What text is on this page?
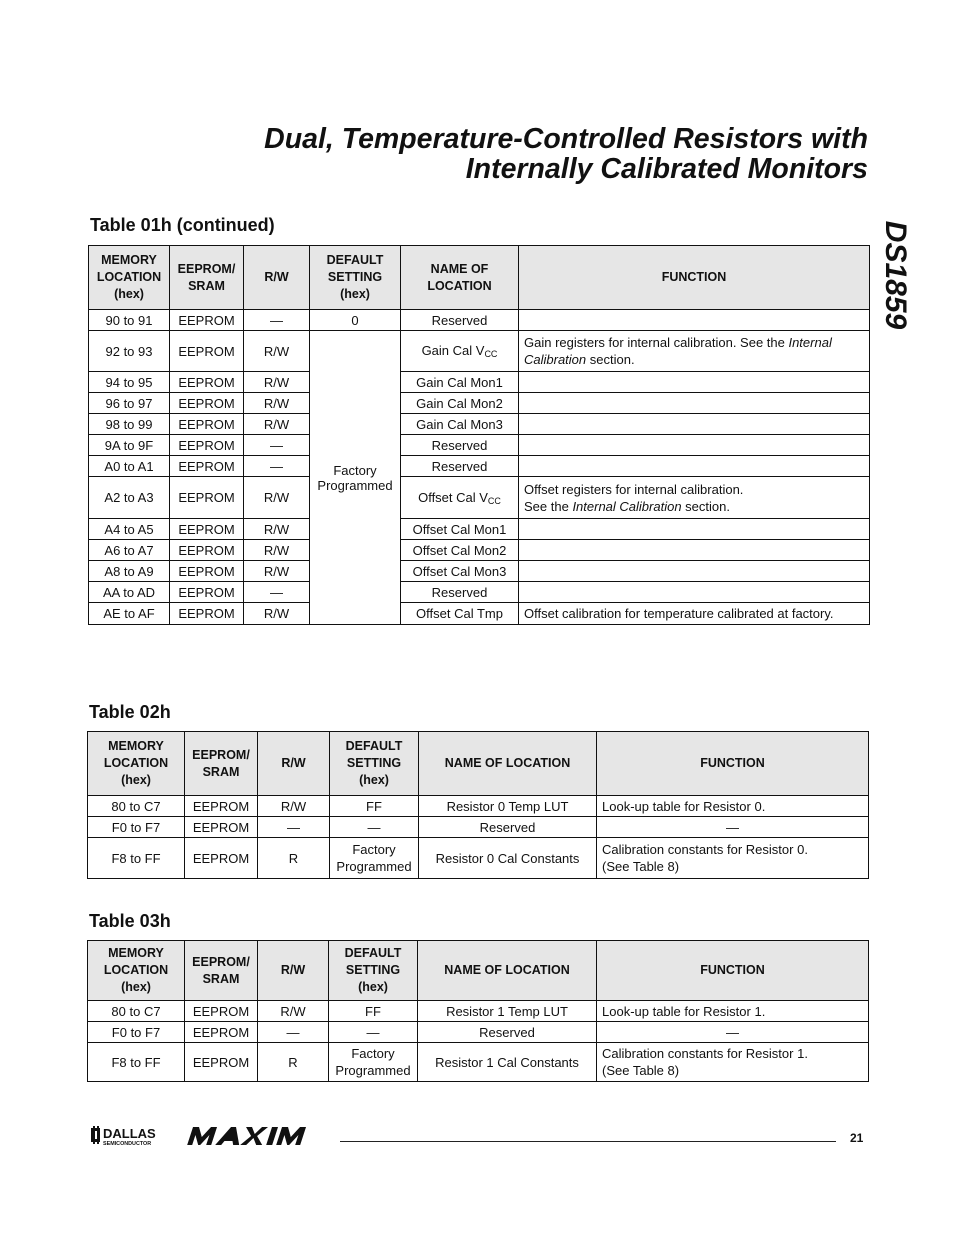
Dual, Temperature-Controlled Resistors with
Internally Calibrated Monitors
DS1859
Table 01h (continued)
MEMORY
LOCATION
(hex)	EEPROM/
SRAM	R/W	DEFAULT
SETTING
(hex)	NAME OF
LOCATION	FUNCTION
90 to 91	EEPROM	—	0	Reserved	
92 to 93	EEPROM	R/W	Factory
Programmed	Gain Cal $V_{CC}$	Gain registers for internal calibration. See the Internal
Calibration section.
94 to 95	EEPROM	R/W		Gain Cal Mon1	
96 to 97	EEPROM	R/W		Gain Cal Mon2	
98 to 99	EEPROM	R/W		Gain Cal Mon3	
9A to 9F	EEPROM	—		Reserved	
A0 to A1	EEPROM	—		Reserved	
A2 to A3	EEPROM	R/W		Offset Cal $V_{CC}$	Offset registers for internal calibration.
See the Internal Calibration section.
A4 to A5	EEPROM	R/W		Offset Cal Mon1	
A6 to A7	EEPROM	R/W		Offset Cal Mon2	
A8 to A9	EEPROM	R/W		Offset Cal Mon3	
AA to AD	EEPROM	—		Reserved	
AE to AF	EEPROM	R/W		Offset Cal Tmp	Offset calibration for temperature calibrated at factory.
Table 02h
MEMORY
LOCATION
(hex)	EEPROM/
SRAM	R/W	DEFAULT
SETTING
(hex)	NAME OF LOCATION	FUNCTION
80 to C7	EEPROM	R/W	FF	Resistor 0 Temp LUT	Look-up table for Resistor 0.
F0 to F7	EEPROM	—	—	Reserved	—
F8 to FF	EEPROM	R	Factory
Programmed	Resistor 0 Cal Constants	Calibration constants for Resistor 0.
(See Table 8)
Table 03h
MEMORY
LOCATION
(hex)	EEPROM/
SRAM	R/W	DEFAULT
SETTING
(hex)	NAME OF LOCATION	FUNCTION
80 to C7	EEPROM	R/W	FF	Resistor 1 Temp LUT	Look-up table for Resistor 1.
F0 to F7	EEPROM	—	—	Reserved	—
F8 to FF	EEPROM	R	Factory
Programmed	Resistor 1 Cal Constants	Calibration constants for Resistor 1.
(See Table 8)
DALLAS
SEMICONDUCTOR
MAXIM
21
